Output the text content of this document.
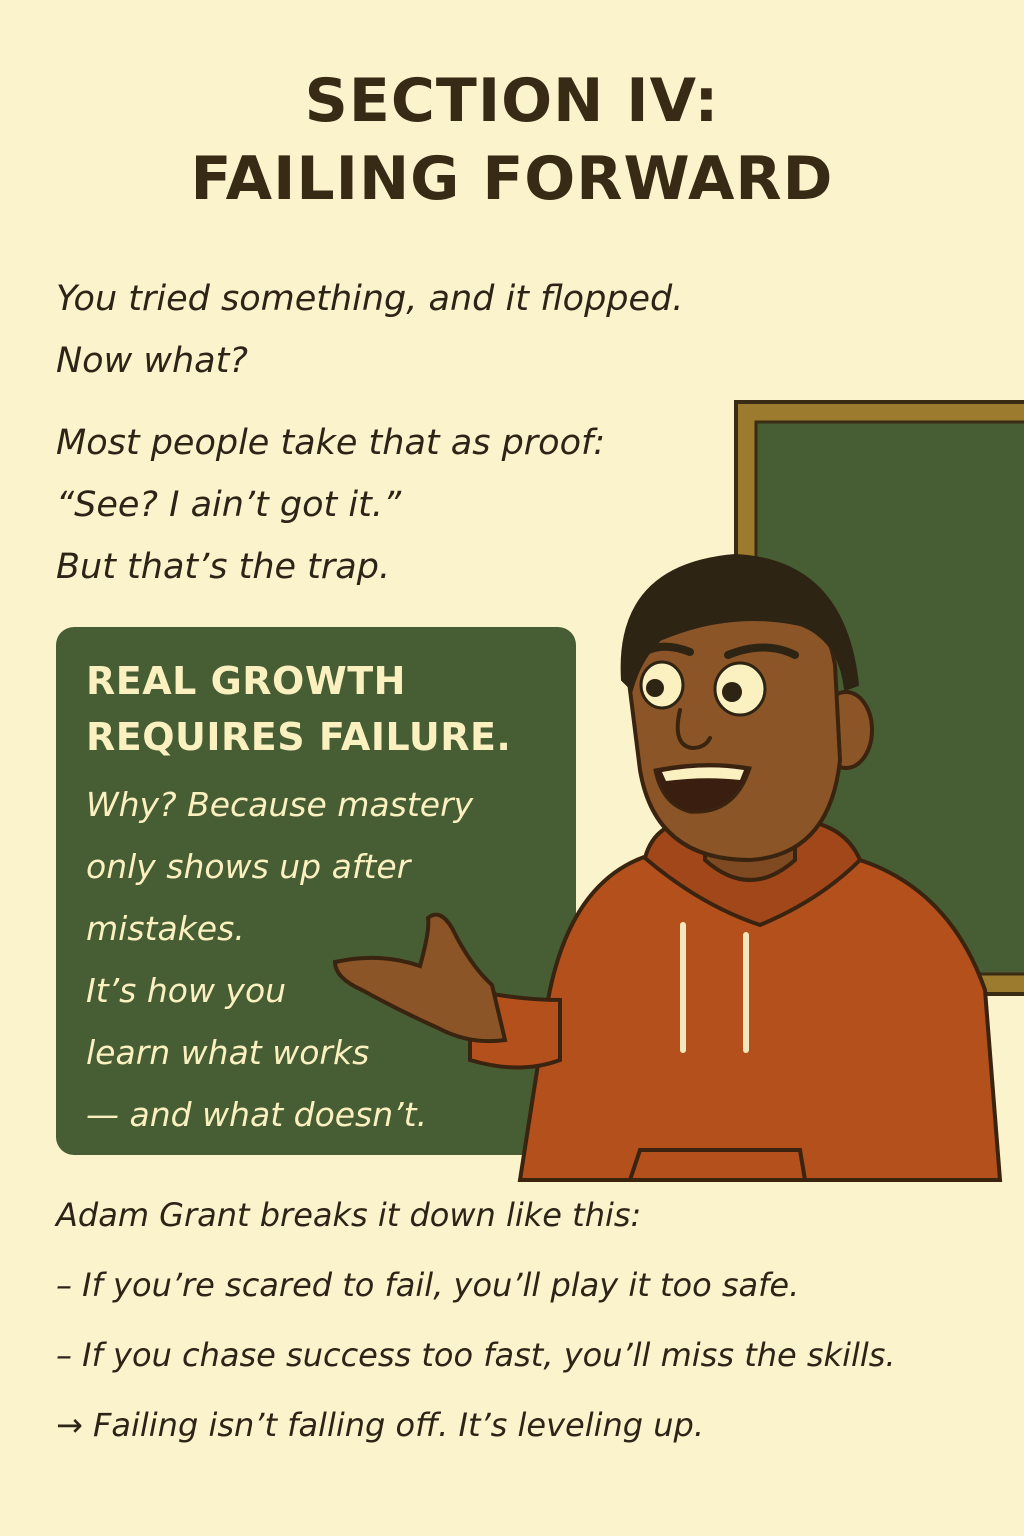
SECTION IV:
FAILING FORWARD
You tried something, and it flopped.
Now what?
Most people take that as proof:
“See? I ain’t got it.”
But that’s the trap.
REAL GROWTH
REQUIRES FAILURE.
Why? Because mastery
only shows up after
mistakes.
It’s how you
learn what works
— and what doesn’t.
Adam Grant breaks it down like this:
– If you’re scared to fail, you’ll play it too safe.
– If you chase success too fast, you’ll miss the skills.
→ Failing isn’t falling off. It’s leveling up.
